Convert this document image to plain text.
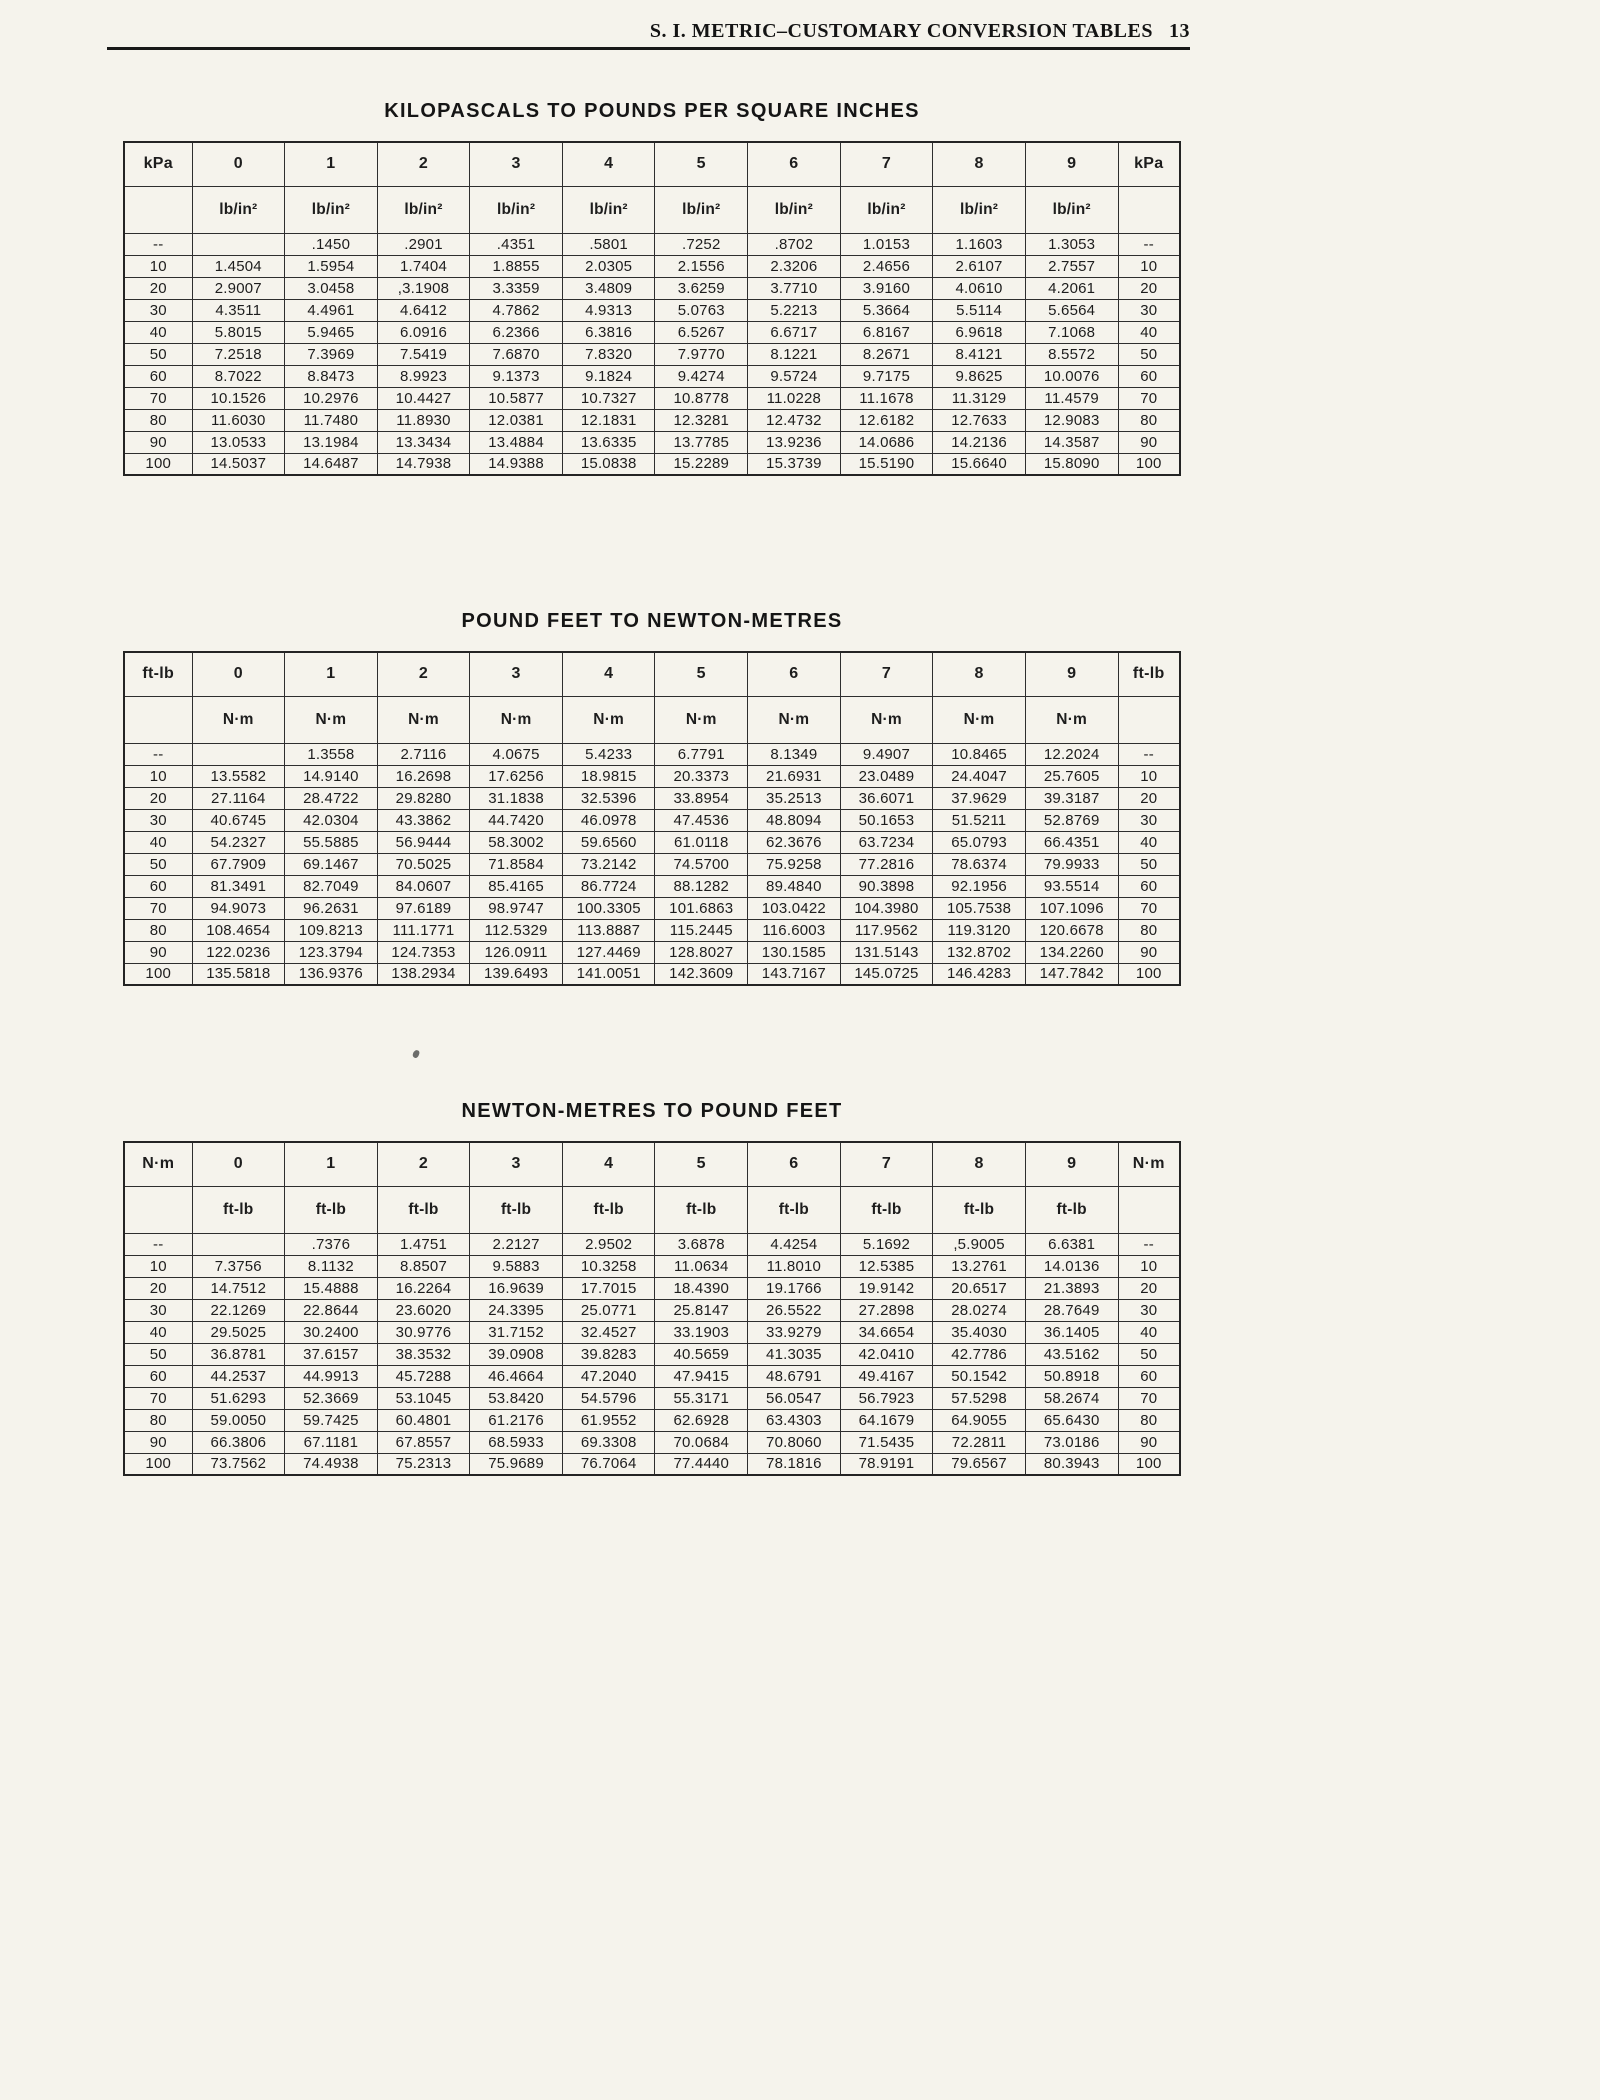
S. I. METRIC–CUSTOMARY CONVERSION TABLES 13
KILOPASCALS TO POUNDS PER SQUARE INCHES
kPa	0	1	2	3	4	5	6	7	8	9	kPa
	lb/in²	lb/in²	lb/in²	lb/in²	lb/in²	lb/in²	lb/in²	lb/in²	lb/in²	lb/in²	
--		.1450	.2901	.4351	.5801	.7252	.8702	1.0153	1.1603	1.3053	--
10	1.4504	1.5954	1.7404	1.8855	2.0305	2.1556	2.3206	2.4656	2.6107	2.7557	10
20	2.9007	3.0458	,3.1908	3.3359	3.4809	3.6259	3.7710	3.9160	4.0610	4.2061	20
30	4.3511	4.4961	4.6412	4.7862	4.9313	5.0763	5.2213	5.3664	5.5114	5.6564	30
40	5.8015	5.9465	6.0916	6.2366	6.3816	6.5267	6.6717	6.8167	6.9618	7.1068	40
50	7.2518	7.3969	7.5419	7.6870	7.8320	7.9770	8.1221	8.2671	8.4121	8.5572	50
60	8.7022	8.8473	8.9923	9.1373	9.1824	9.4274	9.5724	9.7175	9.8625	10.0076	60
70	10.1526	10.2976	10.4427	10.5877	10.7327	10.8778	11.0228	11.1678	11.3129	11.4579	70
80	11.6030	11.7480	11.8930	12.0381	12.1831	12.3281	12.4732	12.6182	12.7633	12.9083	80
90	13.0533	13.1984	13.3434	13.4884	13.6335	13.7785	13.9236	14.0686	14.2136	14.3587	90
100	14.5037	14.6487	14.7938	14.9388	15.0838	15.2289	15.3739	15.5190	15.6640	15.8090	100
POUND FEET TO NEWTON-METRES
ft-lb	0	1	2	3	4	5	6	7	8	9	ft-lb
	N·m	N·m	N·m	N·m	N·m	N·m	N·m	N·m	N·m	N·m	
--		1.3558	2.7116	4.0675	5.4233	6.7791	8.1349	9.4907	10.8465	12.2024	--
10	13.5582	14.9140	16.2698	17.6256	18.9815	20.3373	21.6931	23.0489	24.4047	25.7605	10
20	27.1164	28.4722	29.8280	31.1838	32.5396	33.8954	35.2513	36.6071	37.9629	39.3187	20
30	40.6745	42.0304	43.3862	44.7420	46.0978	47.4536	48.8094	50.1653	51.5211	52.8769	30
40	54.2327	55.5885	56.9444	58.3002	59.6560	61.0118	62.3676	63.7234	65.0793	66.4351	40
50	67.7909	69.1467	70.5025	71.8584	73.2142	74.5700	75.9258	77.2816	78.6374	79.9933	50
60	81.3491	82.7049	84.0607	85.4165	86.7724	88.1282	89.4840	90.3898	92.1956	93.5514	60
70	94.9073	96.2631	97.6189	98.9747	100.3305	101.6863	103.0422	104.3980	105.7538	107.1096	70
80	108.4654	109.8213	111.1771	112.5329	113.8887	115.2445	116.6003	117.9562	119.3120	120.6678	80
90	122.0236	123.3794	124.7353	126.0911	127.4469	128.8027	130.1585	131.5143	132.8702	134.2260	90
100	135.5818	136.9376	138.2934	139.6493	141.0051	142.3609	143.7167	145.0725	146.4283	147.7842	100
NEWTON-METRES TO POUND FEET
N·m	0	1	2	3	4	5	6	7	8	9	N·m
	ft-lb	ft-lb	ft-lb	ft-lb	ft-lb	ft-lb	ft-lb	ft-lb	ft-lb	ft-lb	
--		.7376	1.4751	2.2127	2.9502	3.6878	4.4254	5.1692	,5.9005	6.6381	--
10	7.3756	8.1132	8.8507	9.5883	10.3258	11.0634	11.8010	12.5385	13.2761	14.0136	10
20	14.7512	15.4888	16.2264	16.9639	17.7015	18.4390	19.1766	19.9142	20.6517	21.3893	20
30	22.1269	22.8644	23.6020	24.3395	25.0771	25.8147	26.5522	27.2898	28.0274	28.7649	30
40	29.5025	30.2400	30.9776	31.7152	32.4527	33.1903	33.9279	34.6654	35.4030	36.1405	40
50	36.8781	37.6157	38.3532	39.0908	39.8283	40.5659	41.3035	42.0410	42.7786	43.5162	50
60	44.2537	44.9913	45.7288	46.4664	47.2040	47.9415	48.6791	49.4167	50.1542	50.8918	60
70	51.6293	52.3669	53.1045	53.8420	54.5796	55.3171	56.0547	56.7923	57.5298	58.2674	70
80	59.0050	59.7425	60.4801	61.2176	61.9552	62.6928	63.4303	64.1679	64.9055	65.6430	80
90	66.3806	67.1181	67.8557	68.5933	69.3308	70.0684	70.8060	71.5435	72.2811	73.0186	90
100	73.7562	74.4938	75.2313	75.9689	76.7064	77.4440	78.1816	78.9191	79.6567	80.3943	100
